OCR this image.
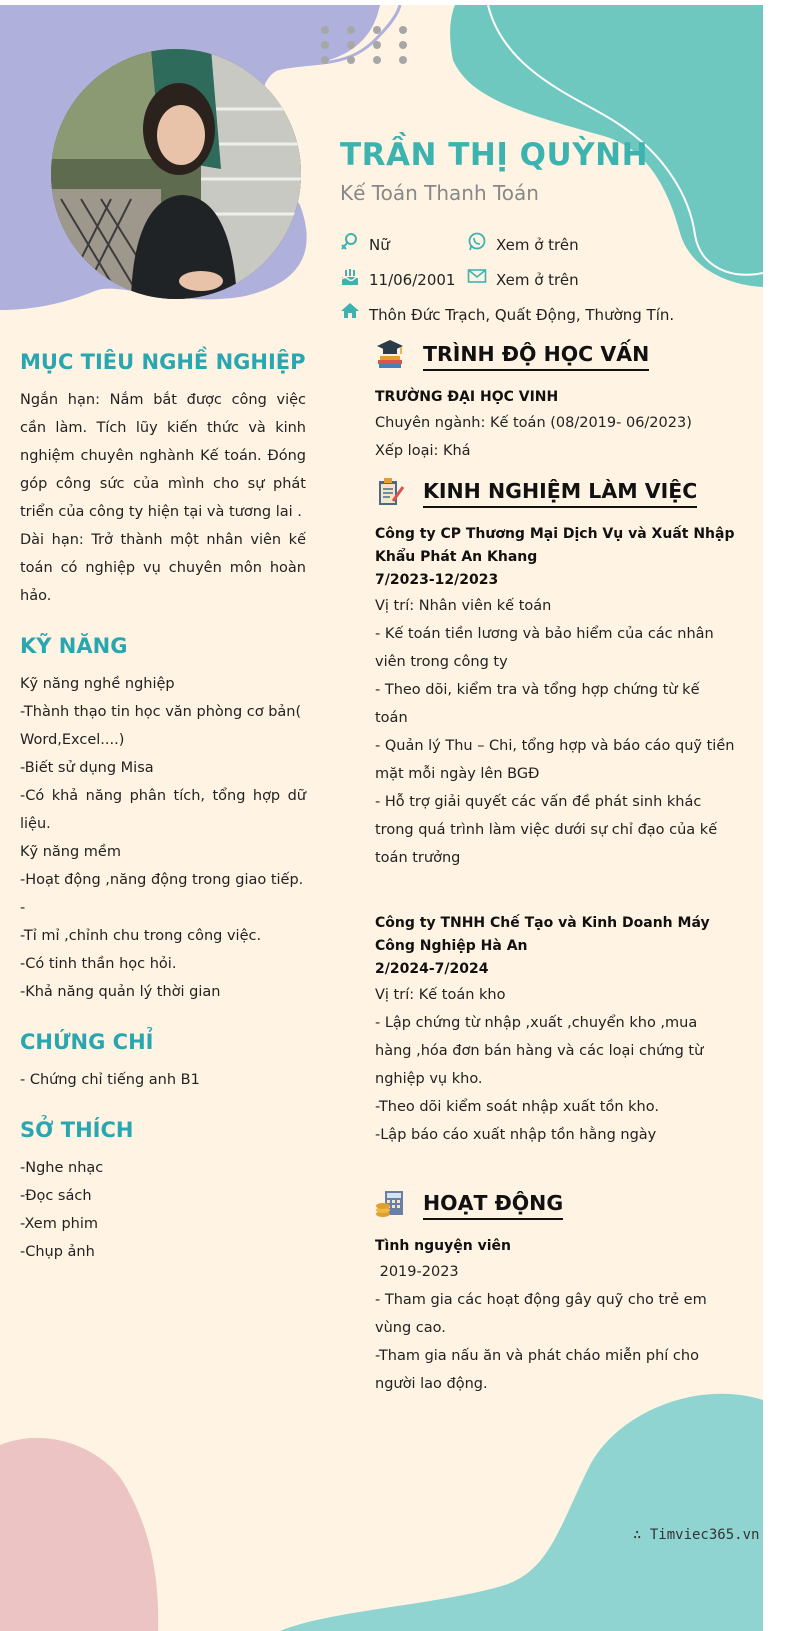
TRẦN THỊ QUỲNH
Kế Toán Thanh Toán
Nữ	Xem ở trên
11/06/2001	Xem ở trên
Thôn Đức Trạch, Quất Động, Thường Tín.
MỤC TIÊU NGHỀ NGHIỆP
Ngắn hạn: Nắm bắt được công việc cần làm. Tích lũy kiến thức và kinh nghiệm chuyên nghành Kế toán. Đóng góp công sức của mình cho sự phát triển của công ty hiện tại và tương lai .
Dài hạn: Trở thành một nhân viên kế toán có nghiệp vụ chuyên môn hoàn hảo.
KỸ NĂNG
Kỹ năng nghề nghiệp
-Thành thạo tin học văn phòng cơ bản( Word,Excel....)
-Biết sử dụng Misa
-Có khả năng phân tích, tổng hợp dữ liệu.
Kỹ năng mềm
-Hoạt động ,năng động trong giao tiếp. -
-Tỉ mỉ ,chỉnh chu trong công việc.
-Có tinh thần học hỏi.
-Khả năng quản lý thời gian
CHỨNG CHỈ
- Chứng chỉ tiếng anh B1
SỞ THÍCH
-Nghe nhạc
-Đọc sách
-Xem phim
-Chụp ảnh
TRÌNH ĐỘ HỌC VẤN
TRƯỜNG ĐẠI HỌC VINH
Chuyên ngành: Kế toán (08/2019- 06/2023)
Xếp loại: Khá
KINH NGHIỆM LÀM VIỆC
Công ty CP Thương Mại Dịch Vụ và Xuất Nhập Khẩu Phát An Khang
7/2023-12/2023
Vị trí: Nhân viên kế toán
- Kế toán tiền lương và bảo hiểm của các nhân viên trong công ty
- Theo dõi, kiểm tra và tổng hợp chứng từ kế toán
- Quản lý Thu – Chi, tổng hợp và báo cáo quỹ tiền mặt mỗi ngày lên BGĐ
- Hỗ trợ giải quyết các vấn đề phát sinh khác trong quá trình làm việc dưới sự chỉ đạo của kế toán trưởng
Công ty TNHH Chế Tạo và Kinh Doanh Máy Công Nghiệp Hà An
2/2024-7/2024
Vị trí: Kế toán kho
- Lập chứng từ nhập ,xuất ,chuyển kho ,mua hàng ,hóa đơn bán hàng và các loại chứng từ nghiệp vụ kho.
-Theo dõi kiểm soát nhập xuất tồn kho.
-Lập báo cáo xuất nhập tồn hằng ngày
HOẠT ĐỘNG
Tình nguyện viên
2019-2023
- Tham gia các hoạt động gây quỹ cho trẻ em vùng cao.
-Tham gia nấu ăn và phát cháo miễn phí cho người lao động.
∴ Timviec365.vn
